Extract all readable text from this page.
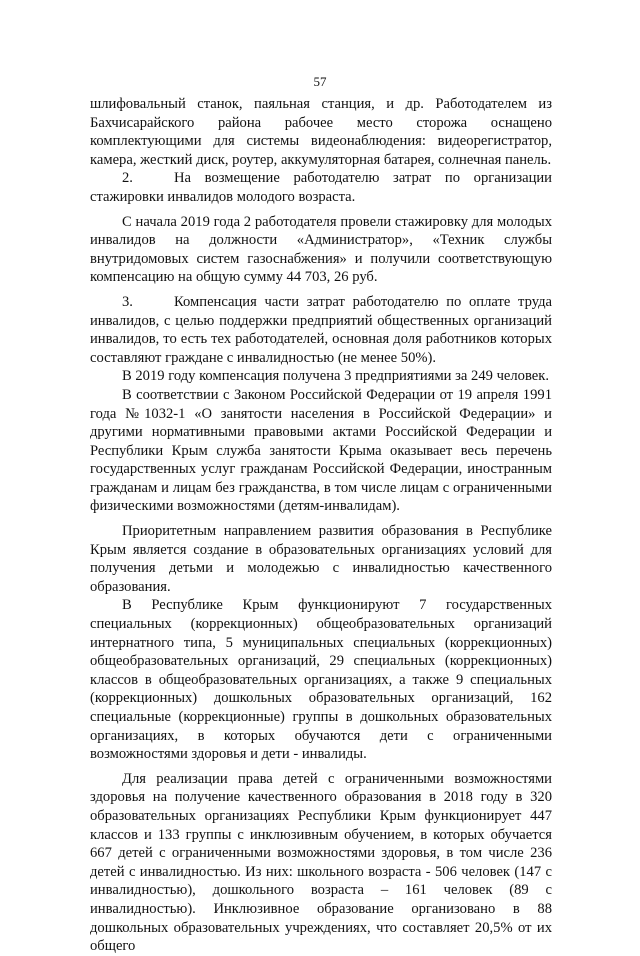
57

шлифовальный станок, паяльная станция, и др. Работодателем из Бахчисарайского района рабочее место сторожа оснащено комплектующими для системы видеонаблюдения: видеорегистратор, камера, жесткий диск, роутер, аккумуляторная батарея, солнечная панель.

2.	На возмещение работодателю затрат по организации стажировки инвалидов молодого возраста.

С начала 2019 года 2 работодателя провели стажировку для молодых инвалидов на должности «Администратор», «Техник службы внутридомовых систем газоснабжения» и получили соответствующую компенсацию на общую сумму 44 703, 26 руб.

3.	Компенсация части затрат работодателю по оплате труда инвалидов, с целью поддержки предприятий общественных организаций инвалидов, то есть тех работодателей, основная доля работников которых составляют граждане с инвалидностью (не менее 50%).

В 2019 году компенсация получена 3 предприятиями за 249 человек.

В соответствии с Законом Российской Федерации от 19 апреля 1991 года №1032-1 «О занятости населения в Российской Федерации» и другими нормативными правовыми актами Российской Федерации и Республики Крым служба занятости Крыма оказывает весь перечень государственных услуг гражданам Российской Федерации, иностранным гражданам и лицам без гражданства, в том числе лицам с ограниченными физическими возможностями (детям-инвалидам).

Приоритетным направлением развития образования в Республике Крым является создание в образовательных организациях условий для получения детьми и молодежью с инвалидностью качественного образования.

В Республике Крым функционируют 7 государственных специальных (коррекционных) общеобразовательных организаций интернатного типа, 5 муниципальных специальных (коррекционных) общеобразовательных организаций, 29 специальных (коррекционных) классов в общеобразовательных организациях, а также 9 специальных (коррекционных) дошкольных образовательных организаций, 162 специальные (коррекционные) группы в дошкольных образовательных организациях, в которых обучаются дети с ограниченными возможностями здоровья и дети - инвалиды.

Для реализации права детей с ограниченными возможностями здоровья на получение качественного образования в 2018 году в 320 образовательных организациях Республики Крым функционирует 447 классов и 133 группы с инклюзивным обучением, в которых обучается 667 детей с ограниченными возможностями здоровья, в том числе 236 детей с инвалидностью. Из них: школьного возраста - 506 человек (147 с инвалидностью), дошкольного возраста – 161 человек (89 с инвалидностью). Инклюзивное образование организовано в 88 дошкольных образовательных учреждениях, что составляет 20,5% от их общего
